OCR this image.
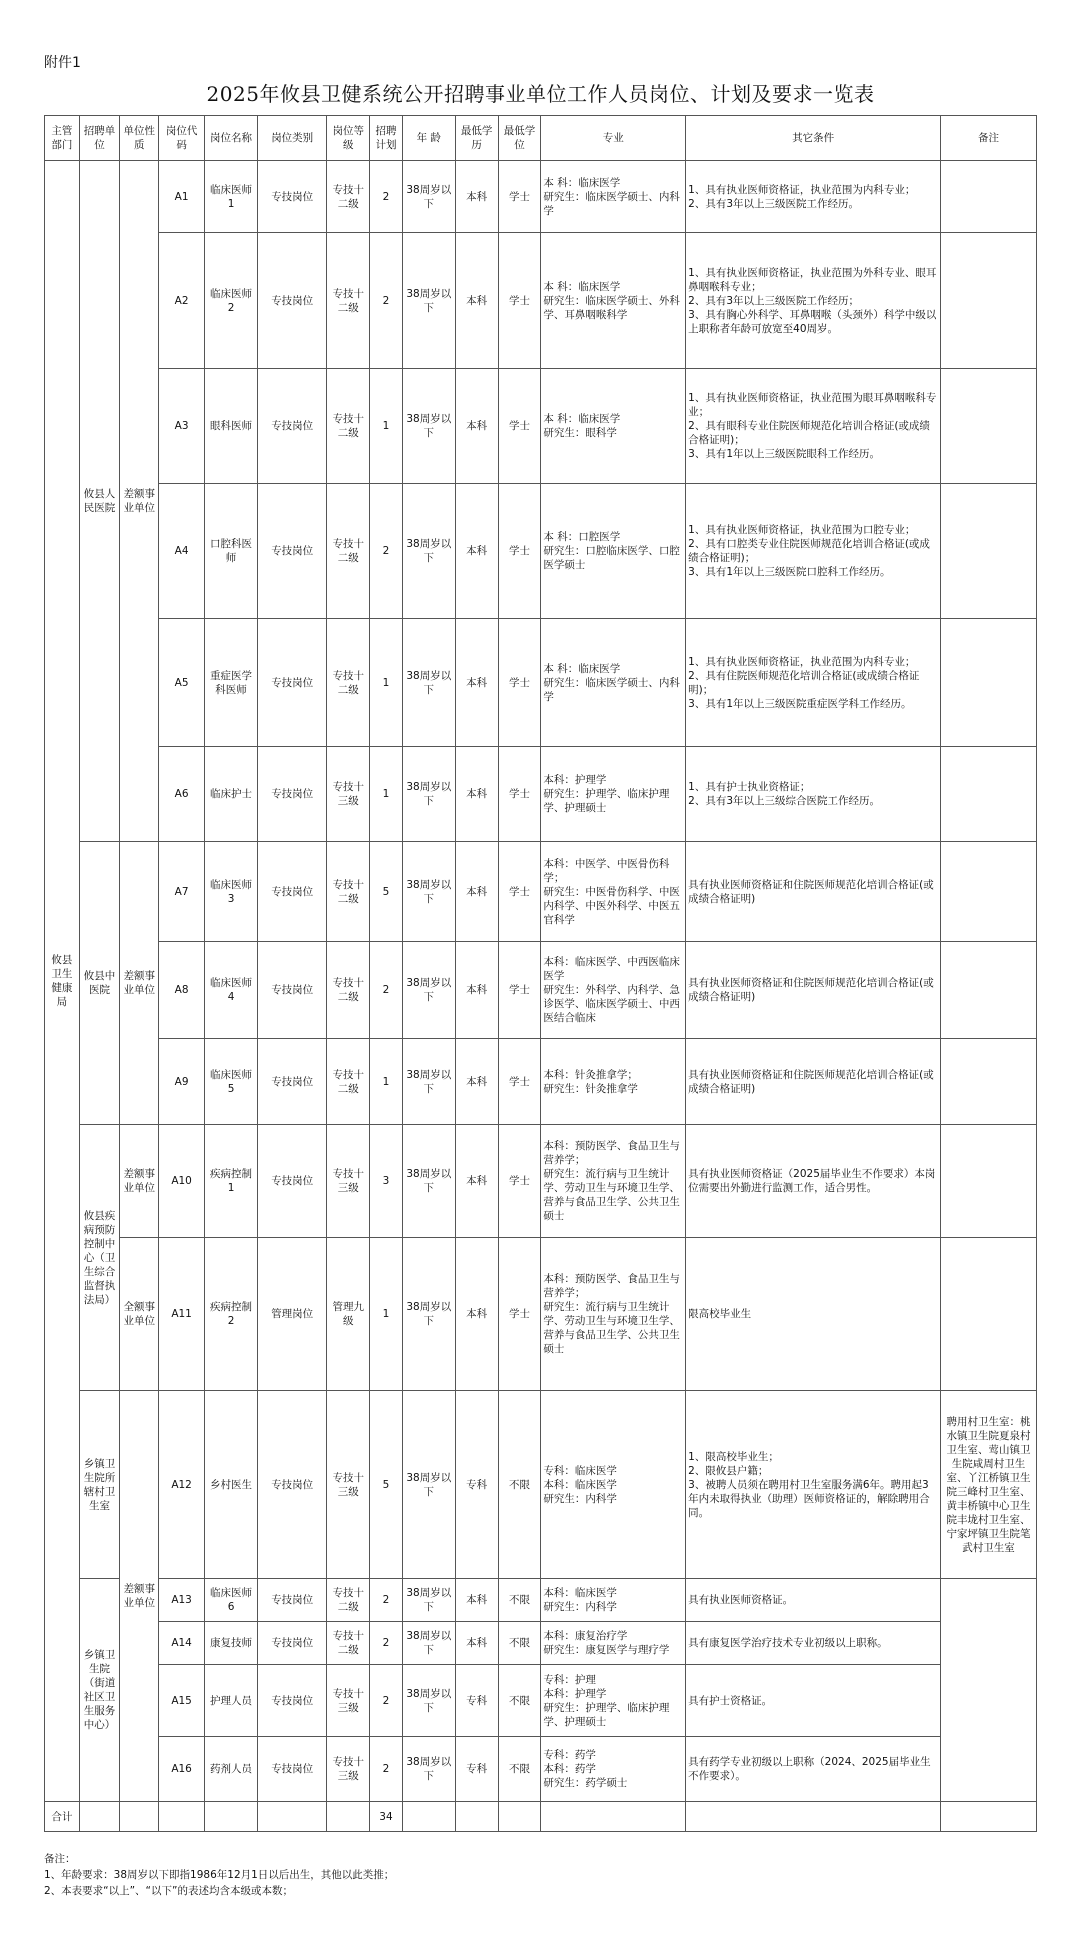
附件1
2025年攸县卫健系统公开招聘事业单位工作人员岗位、计划及要求一览表
主管部门	招聘单位	单位性质	岗位代码	岗位名称	岗位类别	岗位等级	招聘计划	年 龄	最低学历	最低学位	专业	其它条件	备注
攸县卫生健康局	攸县人民医院	差额事业单位	A1	临床医师1	专技岗位	专技十二级	2	38周岁以下	本科	学士	本 科：临床医学
研究生：临床医学硕士、内科学	1、具有执业医师资格证，执业范围为内科专业；
2、具有3年以上三级医院工作经历。	
			A2	临床医师2	专技岗位	专技十二级	2	38周岁以下	本科	学士	本 科：临床医学
研究生：临床医学硕士、外科学、耳鼻咽喉科学	1、具有执业医师资格证，执业范围为外科专业、眼耳鼻咽喉科专业；
2、具有3年以上三级医院工作经历；
3、具有胸心外科学、耳鼻咽喉（头颈外）科学中级以上职称者年龄可放宽至40周岁。	
			A3	眼科医师	专技岗位	专技十二级	1	38周岁以下	本科	学士	本 科：临床医学
研究生：眼科学	1、具有执业医师资格证，执业范围为眼耳鼻咽喉科专业；
2、具有眼科专业住院医师规范化培训合格证(或成绩合格证明)；
3、具有1年以上三级医院眼科工作经历。	
			A4	口腔科医师	专技岗位	专技十二级	2	38周岁以下	本科	学士	本 科：口腔医学
研究生：口腔临床医学、口腔医学硕士	1、具有执业医师资格证，执业范围为口腔专业；
2、具有口腔类专业住院医师规范化培训合格证(或成绩合格证明)；
3、具有1年以上三级医院口腔科工作经历。	
			A5	重症医学科医师	专技岗位	专技十二级	1	38周岁以下	本科	学士	本 科：临床医学
研究生：临床医学硕士、内科学	1、具有执业医师资格证，执业范围为内科专业；
2、具有住院医师规范化培训合格证(或成绩合格证明)；
3、具有1年以上三级医院重症医学科工作经历。	
			A6	临床护士	专技岗位	专技十三级	1	38周岁以下	本科	学士	本科：护理学
研究生：护理学、临床护理学、护理硕士	1、具有护士执业资格证；
2、具有3年以上三级综合医院工作经历。	
	攸县中医院	差额事业单位	A7	临床医师3	专技岗位	专技十二级	5	38周岁以下	本科	学士	本科：中医学、中医骨伤科学；
研究生：中医骨伤科学、中医内科学、中医外科学、中医五官科学	具有执业医师资格证和住院医师规范化培训合格证(或成绩合格证明)	
			A8	临床医师4	专技岗位	专技十二级	2	38周岁以下	本科	学士	本科：临床医学、中西医临床医学
研究生：外科学、内科学、急诊医学、临床医学硕士、中西医结合临床	具有执业医师资格证和住院医师规范化培训合格证(或成绩合格证明)	
			A9	临床医师5	专技岗位	专技十二级	1	38周岁以下	本科	学士	本科：针灸推拿学；
研究生：针灸推拿学	具有执业医师资格证和住院医师规范化培训合格证(或成绩合格证明)	
	攸县疾病预防控制中心（卫生综合监督执法局）	差额事业单位	A10	疾病控制1	专技岗位	专技十三级	3	38周岁以下	本科	学士	本科：预防医学、食品卫生与营养学；
研究生：流行病与卫生统计学、劳动卫生与环境卫生学、营养与食品卫生学、公共卫生硕士	具有执业医师资格证（2025届毕业生不作要求）本岗位需要出外勤进行监测工作，适合男性。	
		全额事业单位	A11	疾病控制2	管理岗位	管理九级	1	38周岁以下	本科	学士	本科：预防医学、食品卫生与营养学；
研究生：流行病与卫生统计学、劳动卫生与环境卫生学、营养与食品卫生学、公共卫生硕士	限高校毕业生	
	乡镇卫生院所辖村卫生室	差额事业单位	A12	乡村医生	专技岗位	专技十三级	5	38周岁以下	专科	不限	专科：临床医学
本科：临床医学
研究生：内科学	1、限高校毕业生；
2、限攸县户籍；
3、被聘人员须在聘用村卫生室服务满6年。聘用起3年内未取得执业（助理）医师资格证的，解除聘用合同。	聘用村卫生室：桃水镇卫生院夏泉村卫生室、莺山镇卫生院咸周村卫生室、丫江桥镇卫生院三峰村卫生室、黄丰桥镇中心卫生院丰垅村卫生室、宁家坪镇卫生院笔武村卫生室
	乡镇卫生院（街道社区卫生服务中心）		A13	临床医师6	专技岗位	专技十二级	2	38周岁以下	本科	不限	本科：临床医学
研究生：内科学	具有执业医师资格证。	
			A14	康复技师	专技岗位	专技十二级	2	38周岁以下	本科	不限	本科：康复治疗学
研究生：康复医学与理疗学	具有康复医学治疗技术专业初级以上职称。	
			A15	护理人员	专技岗位	专技十三级	2	38周岁以下	专科	不限	专科：护理
本科：护理学
研究生：护理学、临床护理学、护理硕士	具有护士资格证。	
			A16	药剂人员	专技岗位	专技十三级	2	38周岁以下	专科	不限	专科：药学
本科：药学
研究生：药学硕士	具有药学专业初级以上职称（2024、2025届毕业生不作要求）。	
合计							34						
备注：
1、年龄要求：38周岁以下即指1986年12月1日以后出生，其他以此类推；
2、本表要求“以上”、“以下”的表述均含本级或本数；
